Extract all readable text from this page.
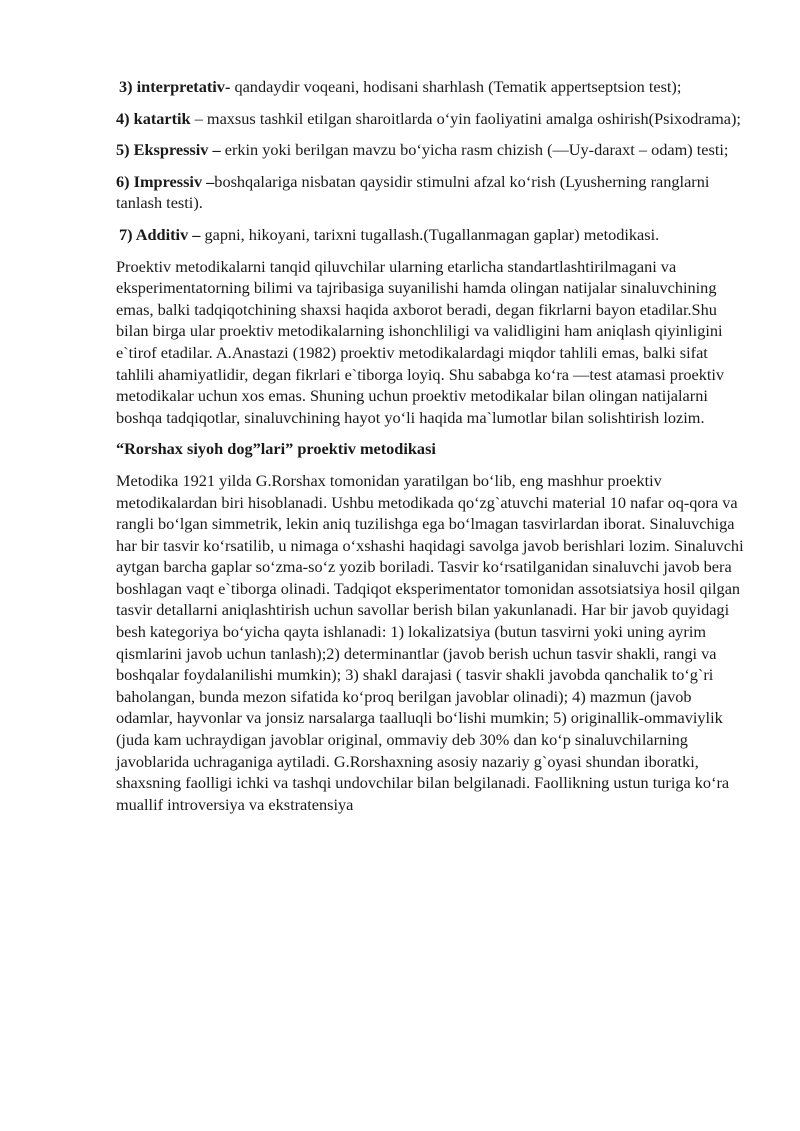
3) interpretativ- qandaydir voqeani, hodisani sharhlash (Tematik appertseptsion test);

4) katartik – maxsus tashkil etilgan sharoitlarda o‘yin faoliyatini amalga oshirish(Psixodrama);

5) Ekspressiv – erkin yoki berilgan mavzu bo‘yicha rasm chizish (—Uy-daraxt – odam) testi;

6) Impressiv –boshqalariga nisbatan qaysidir stimulni afzal ko‘rish (Lyusherning ranglarni tanlash testi).

7) Additiv – gapni, hikoyani, tarixni tugallash.(Tugallanmagan gaplar) metodikasi.

Proektiv metodikalarni tanqid qiluvchilar ularning etarlicha standartlashtirilmagani va eksperimentatorning bilimi va tajribasiga suyanilishi hamda olingan natijalar sinaluvchining emas, balki tadqiqotchining shaxsi haqida axborot beradi, degan fikrlarni bayon etadilar.Shu bilan birga ular proektiv metodikalarning ishonchliligi va validligini ham aniqlash qiyinligini e`tirof etadilar. A.Anastazi (1982) proektiv metodikalardagi miqdor tahlili emas, balki sifat tahlili ahamiyatlidir, degan fikrlari e`tiborga loyiq. Shu sababga ko‘ra —test atamasi proektiv metodikalar uchun xos emas. Shuning uchun proektiv metodikalar bilan olingan natijalarni boshqa tadqiqotlar, sinaluvchining hayot yo‘li haqida ma`lumotlar bilan solishtirish lozim.

“Rorshax siyoh dog”lari” proektiv metodikasi

Metodika 1921 yilda G.Rorshax tomonidan yaratilgan bo‘lib, eng mashhur proektiv metodikalardan biri hisoblanadi. Ushbu metodikada qo‘zg`atuvchi material 10 nafar oq-qora va rangli bo‘lgan simmetrik, lekin aniq tuzilishga ega bo‘lmagan tasvirlardan iborat. Sinaluvchiga har bir tasvir ko‘rsatilib, u nimaga o‘xshashi haqidagi savolga javob berishlari lozim. Sinaluvchi aytgan barcha gaplar so‘zma-so‘z yozib boriladi. Tasvir ko‘rsatilganidan sinaluvchi javob bera boshlagan vaqt e`tiborga olinadi. Tadqiqot eksperimentator tomonidan assotsiatsiya hosil qilgan tasvir detallarni aniqlashtirish uchun savollar berish bilan yakunlanadi. Har bir javob quyidagi besh kategoriya bo‘yicha qayta ishlanadi: 1) lokalizatsiya (butun tasvirni yoki uning ayrim qismlarini javob uchun tanlash);2) determinantlar (javob berish uchun tasvir shakli, rangi va boshqalar foydalanilishi mumkin); 3) shakl darajasi ( tasvir shakli javobda qanchalik to‘g`ri baholangan, bunda mezon sifatida ko‘proq berilgan javoblar olinadi); 4) mazmun (javob odamlar, hayvonlar va jonsiz narsalarga taalluqli bo‘lishi mumkin; 5) originallik-ommaviylik (juda kam uchraydigan javoblar original, ommaviy deb 30% dan ko‘p sinaluvchilarning javoblarida uchraganiga aytiladi. G.Rorshaxning asosiy nazariy g`oyasi shundan iboratki, shaxsning faolligi ichki va tashqi undovchilar bilan belgilanadi. Faollikning ustun turiga ko‘ra muallif introversiya va ekstratensiya
